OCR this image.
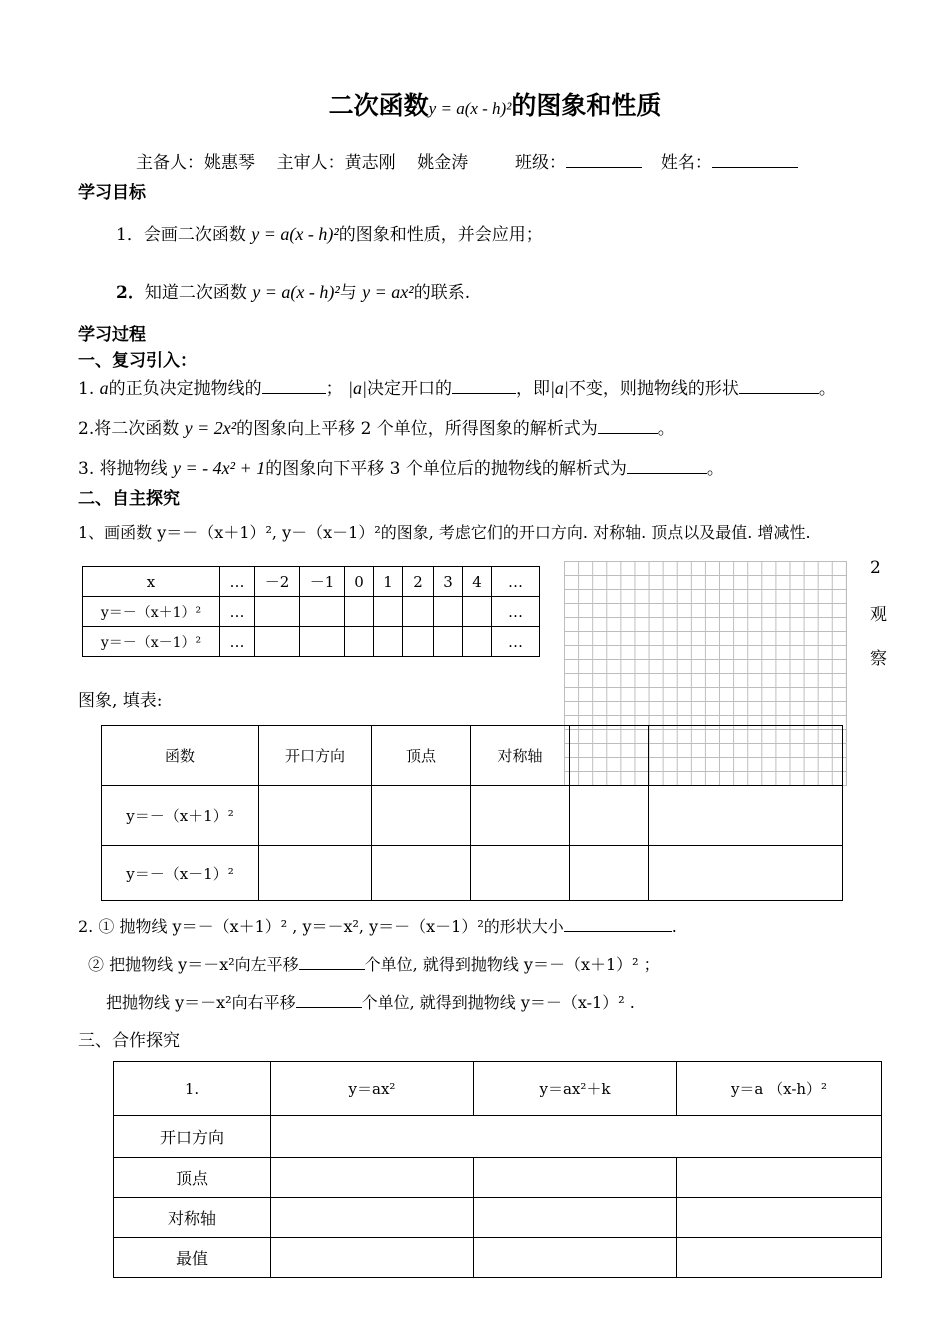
二次函数y = a(x - h)²的图象和性质
主备人：姚惠琴    主审人：黄志刚    姚金涛	班级：	姓名：
学习目标
1．会画二次函数 y = a(x - h)²的图象和性质，并会应用；
2．知道二次函数 y = a(x - h)²与 y = ax²的联系.
学习过程
一、复习引入：
1. a的正负决定抛物线的	； |a|决定开口的	，即|a|不变，则抛物线的形状	。
2.将二次函数 y = 2x²的图象向上平移 2 个单位，所得图象的解析式为	。
3. 将抛物线 y = - 4x² + 1的图象向下平移 3 个单位后的抛物线的解析式为	。
二、自主探究
1、画函数 y＝－（x＋1）², y－（x－1）²的图象, 考虑它们的开口方向. 对称轴. 顶点以及最值. 增减性.
x	…	－2	－1	0	1	2	3	4	…
y＝－（x＋1）²	…								…
y＝－（x－1）²	…								…
2
观
察
图象, 填表:
函数	开口方向	顶点	对称轴		
y＝－（x＋1）²					
y＝－（x－1）²					
2. ① 抛物线 y＝－（x＋1）² , y＝－x², y＝－（x－1）²的形状大小	.
② 把抛物线 y＝－x²向左平移	个单位, 就得到抛物线 y＝－（x＋1）² ；
把抛物线 y＝－x²向右平移	个单位, 就得到抛物线 y＝－（x-1）² .
三、合作探究
1.	y＝ax²	y＝ax²＋k	y＝a （x-h）²
开口方向			
顶点			
对称轴			
最值			
